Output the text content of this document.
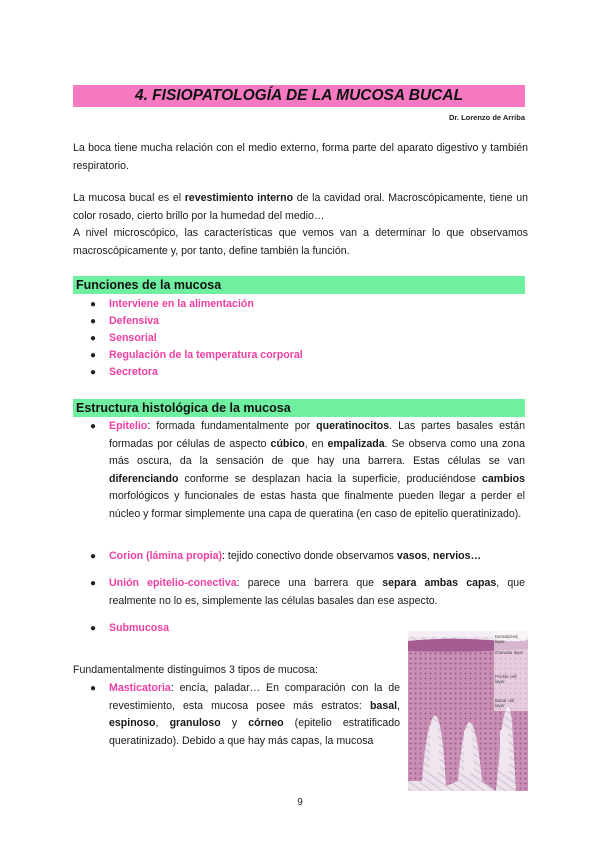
4. FISIOPATOLOGÍA DE LA MUCOSA BUCAL
Dr. Lorenzo de Arriba
La boca tiene mucha relación con el medio externo, forma parte del aparato digestivo y también respiratorio.
La mucosa bucal es el revestimiento interno de la cavidad oral. Macroscópicamente, tiene un color rosado, cierto brillo por la humedad del medio…
A nivel microscópico, las características que vemos van a determinar lo que observamos macroscópicamente y, por tanto, define también la función.
Funciones de la mucosa
● Interviene en la alimentación
● Defensiva
● Sensorial
● Regulación de la temperatura corporal
● Secretora
Estructura histológica de la mucosa
● Epitelio: formada fundamentalmente por queratinocitos. Las partes basales están formadas por células de aspecto cúbico, en empalizada. Se observa como una zona más oscura, da la sensación de que hay una barrera. Estas células se van diferenciando conforme se desplazan hacia la superficie, produciéndose cambios morfológicos y funcionales de estas hasta que finalmente pueden llegar a perder el núcleo y formar simplemente una capa de queratina (en caso de epitelio queratinizado).
● Corion (lámina propia): tejido conectivo donde observamos vasos, nervios…
● Unión epitelio-conectiva: parece una barrera que separa ambas capas, que realmente no lo es, simplemente las células basales dan ese aspecto.
● Submucosa
Fundamentalmente distinguimos 3 tipos de mucosa:
● Masticatoria: encía, paladar… En comparación con la de revestimiento, esta mucosa posee más estratos: basal, espinoso, granuloso y córneo (epitelio estratificado queratinizado). Debido a que hay más capas, la mucosa
Keratinized layer
Granular layer
Prickle cell layer
Basal cell layer
9
